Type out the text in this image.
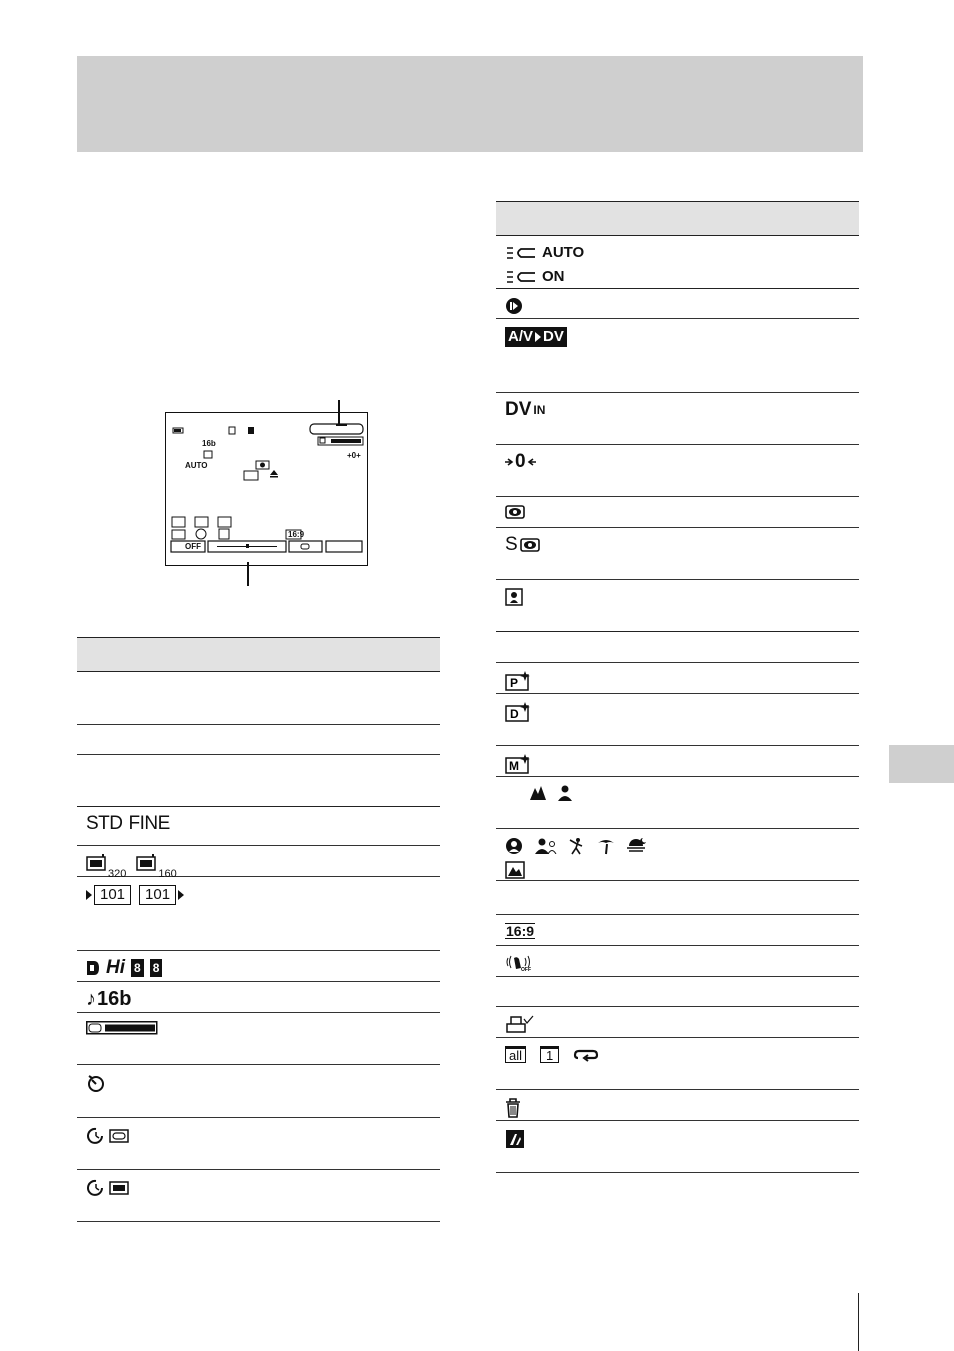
16b
AUTO
+0+
16:9
OFF
STD FINE
$_{320}$	$_{160}$
101	101
Hi 8 8
♪ 16b
AUTO
ON
A/V DV
DV IN
0
S
P
D
M
16:9
OFF
all	1
